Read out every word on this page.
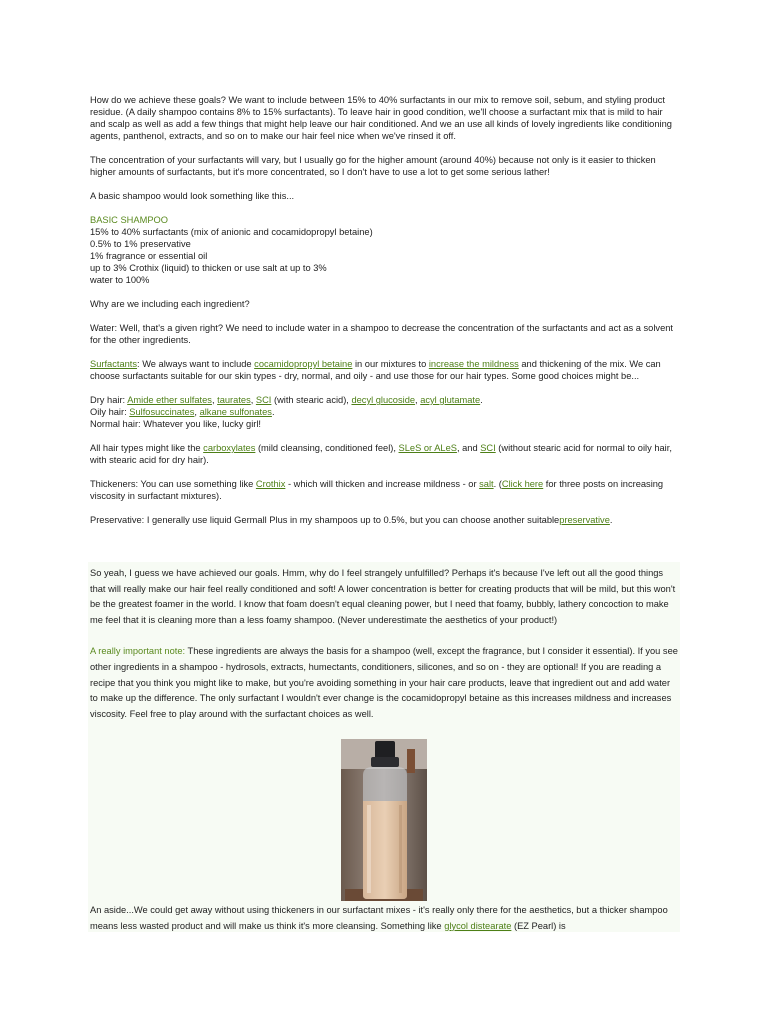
How do we achieve these goals? We want to include between 15% to 40% surfactants in our mix to remove soil, sebum, and styling product residue. (A daily shampoo contains 8% to 15% surfactants). To leave hair in good condition, we'll choose a surfactant mix that is mild to hair and scalp as well as add a few things that might help leave our hair conditioned. And we an use all kinds of lovely ingredients like conditioning agents, panthenol, extracts, and so on to make our hair feel nice when we've rinsed it off.

The concentration of your surfactants will vary, but I usually go for the higher amount (around 40%) because not only is it easier to thicken higher amounts of surfactants, but it's more concentrated, so I don't have to use a lot to get some serious lather!

A basic shampoo would look something like this...

BASIC SHAMPOO
15% to 40% surfactants (mix of anionic and cocamidopropyl betaine)
0.5% to 1% preservative
1% fragrance or essential oil
up to 3% Crothix (liquid) to thicken or use salt at up to 3%
water to 100%

Why are we including each ingredient?

Water: Well, that's a given right? We need to include water in a shampoo to decrease the concentration of the surfactants and act as a solvent for the other ingredients.

Surfactants: We always want to include cocamidopropyl betaine in our mixtures to increase the mildness and thickening of the mix. We can choose surfactants suitable for our skin types - dry, normal, and oily - and use those for our hair types. Some good choices might be...

Dry hair: Amide ether sulfates, taurates, SCI (with stearic acid), decyl glucoside, acyl glutamate.
Oily hair: Sulfosuccinates, alkane sulfonates.
Normal hair: Whatever you like, lucky girl!

All hair types might like the carboxylates (mild cleansing, conditioned feel), SLeS or ALeS, and SCI (without stearic acid for normal to oily hair, with stearic acid for dry hair).

Thickeners: You can use something like Crothix - which will thicken and increase mildness - or salt. (Click here for three posts on increasing viscosity in surfactant mixtures).

Preservative: I generally use liquid Germall Plus in my shampoos up to 0.5%, but you can choose another suitablepreservative.

So yeah, I guess we have achieved our goals. Hmm, why do I feel strangely unfulfilled? Perhaps it's because I've left out all the good things that will really make our hair feel really conditioned and soft! A lower concentration is better for creating products that will be mild, but this won't be the greatest foamer in the world. I know that foam doesn't equal cleaning power, but I need that foamy, bubbly, lathery concoction to make me feel that it is cleaning more than a less foamy shampoo. (Never underestimate the aesthetics of your product!)

A really important note: These ingredients are always the basis for a shampoo (well, except the fragrance, but I consider it essential). If you see other ingredients in a shampoo - hydrosols, extracts, humectants, conditioners, silicones, and so on - they are optional! If you are reading a recipe that you think you might like to make, but you're avoiding something in your hair care products, leave that ingredient out and add water to make up the difference. The only surfactant I wouldn't ever change is the cocamidopropyl betaine as this increases mildness and increases viscosity. Feel free to play around with the surfactant choices as well.

An aside...We could get away without using thickeners in our surfactant mixes - it's really only there for the aesthetics, but a thicker shampoo means less wasted product and will make us think it's more cleansing. Something like glycol distearate (EZ Pearl) is
